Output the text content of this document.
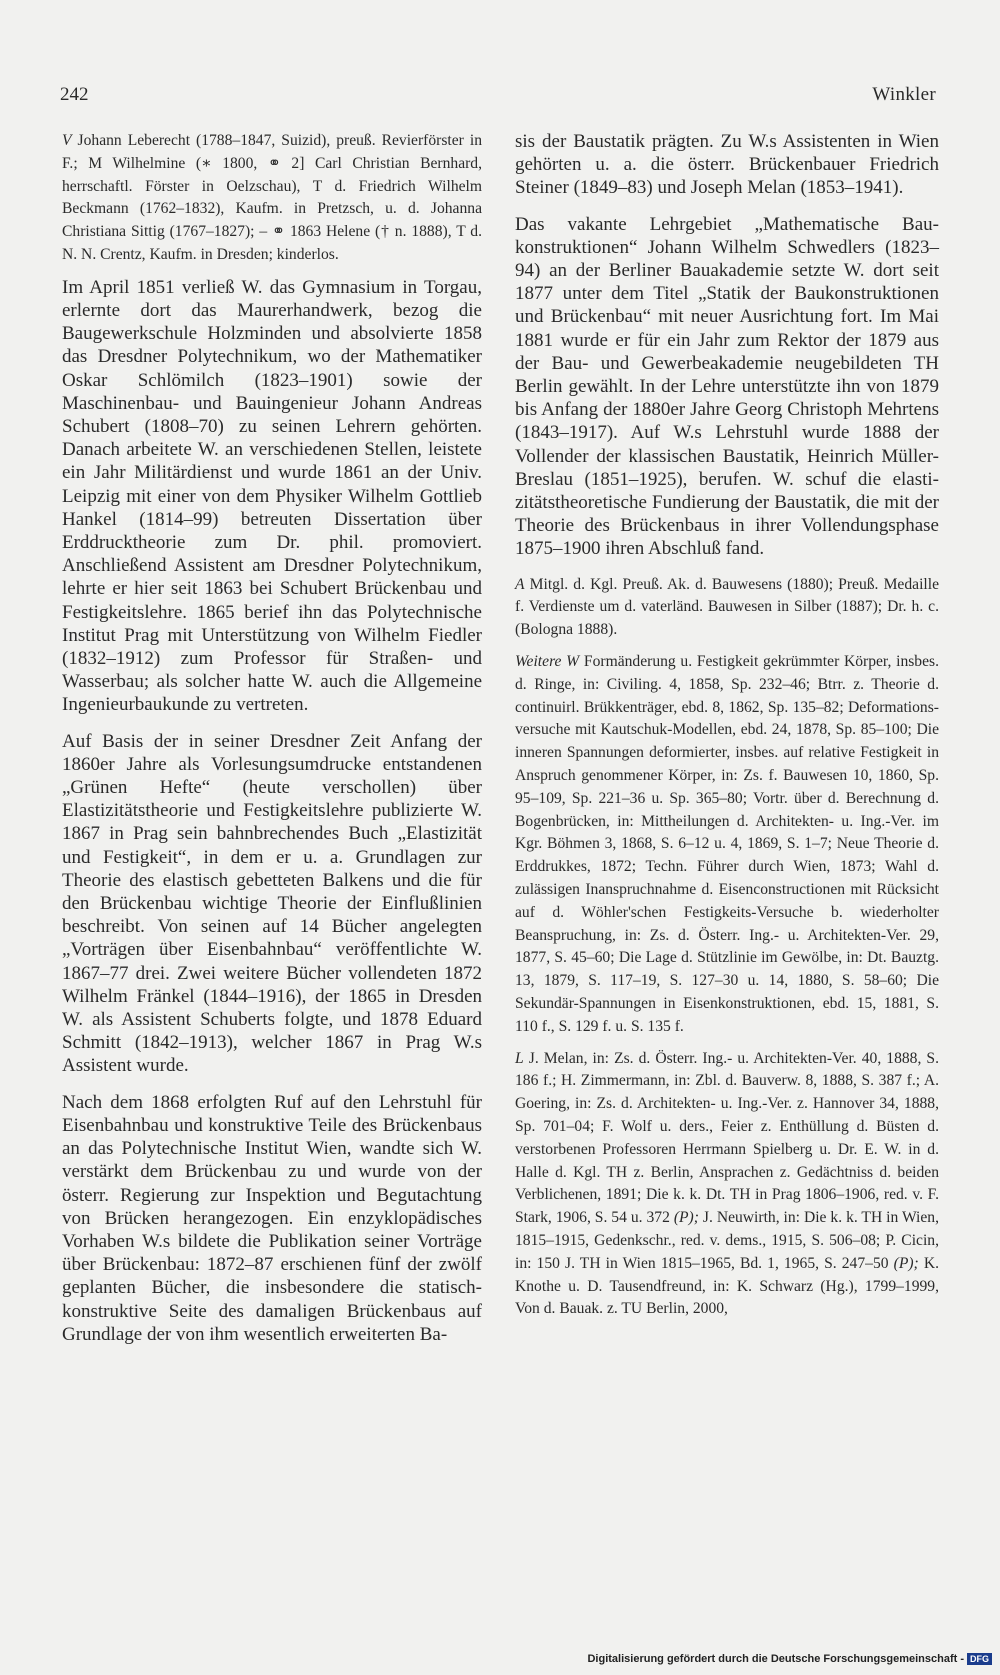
242	Winkler

V Johann Leberecht (1788–1847, Suizid), preuß. Revierförster in F.; M Wilhelmine (∗ 1800, ⚭ 2] Carl Christian Bernhard, herrschaftl. Förster in Oelzschau), T d. Friedrich Wilhelm Beckmann (1762–1832), Kaufm. in Pretzsch, u. d. Johanna Christiana Sittig (1767–1827); – ⚭ 1863 Helene († n. 1888), T d. N. N. Crentz, Kaufm. in Dresden; kinderlos.

Im April 1851 verließ W. das Gymnasium in Torgau, erlernte dort das Maurerhandwerk, bezog die Baugewerkschule Holzminden und absolvierte 1858 das Dresdner Polytechnikum, wo der Mathematiker Oskar Schlömilch (1823–1901) sowie der Maschinenbau- und Bauingenieur Johann Andreas Schubert (1808–70) zu seinen Lehrern gehörten. Danach arbeitete W. an verschiedenen Stellen, leistete ein Jahr Militärdienst und wurde 1861 an der Univ. Leipzig mit einer von dem Physiker Wilhelm Gottlieb Hankel (1814–99) betreuten Dissertation über Erddrucktheorie zum Dr. phil. promoviert. Anschließend Assistent am Dresdner Polytechnikum, lehrte er hier seit 1863 bei Schubert Brückenbau und Festigkeitslehre. 1865 berief ihn das Polytechnische Institut Prag mit Unterstützung von Wilhelm Fiedler (1832–1912) zum Professor für Straßen- und Wasserbau; als solcher hatte W. auch die Allgemeine Ingenieurbaukunde zu vertreten.

Auf Basis der in seiner Dresdner Zeit Anfang der 1860er Jahre als Vorlesungsumdrucke entstandenen „Grünen Hefte“ (heute verschollen) über Elastizitätstheorie und Festigkeitslehre publizierte W. 1867 in Prag sein bahnbrechendes Buch „Elastizität und Festigkeit“, in dem er u. a. Grundlagen zur Theorie des elastisch gebetteten Balkens und die für den Brückenbau wichtige Theorie der Einflußlinien beschreibt. Von seinen auf 14 Bücher angelegten „Vorträgen über Eisenbahnbau“ veröffentlichte W. 1867–77 drei. Zwei weitere Bücher vollendeten 1872 Wilhelm Fränkel (1844–1916), der 1865 in Dresden W. als Assistent Schuberts folgte, und 1878 Eduard Schmitt (1842–1913), welcher 1867 in Prag W.s Assistent wurde.

Nach dem 1868 erfolgten Ruf auf den Lehrstuhl für Eisenbahnbau und konstruktive Teile des Brückenbaus an das Polytechnische Institut Wien, wandte sich W. verstärkt dem Brückenbau zu und wurde von der österr. Regierung zur Inspektion und Begutachtung von Brücken herangezogen. Ein enzyklopädisches Vorhaben W.s bildete die Publikation seiner Vorträge über Brückenbau: 1872–87 erschienen fünf der zwölf geplanten Bücher, die insbesondere die statisch-konstruktive Seite des damaligen Brückenbaus auf Grundlage der von ihm wesentlich erweiterten Ba-

sis der Baustatik prägten. Zu W.s Assistenten in Wien gehörten u. a. die österr. Brückenbauer Friedrich Steiner (1849–83) und Joseph Melan (1853–1941).

Das vakante Lehrgebiet „Mathematische Baukonstruktionen“ Johann Wilhelm Schwedlers (1823–94) an der Berliner Bauakademie setzte W. dort seit 1877 unter dem Titel „Statik der Baukonstruktionen und Brückenbau“ mit neuer Ausrichtung fort. Im Mai 1881 wurde er für ein Jahr zum Rektor der 1879 aus der Bau- und Gewerbeakademie neugebildeten TH Berlin gewählt. In der Lehre unterstützte ihn von 1879 bis Anfang der 1880er Jahre Georg Christoph Mehrtens (1843–1917). Auf W.s Lehrstuhl wurde 1888 der Vollender der klassischen Baustatik, Heinrich Müller-Breslau (1851–1925), berufen. W. schuf die elastizitätstheoretische Fundierung der Baustatik, die mit der Theorie des Brückenbaus in ihrer Vollendungsphase 1875–1900 ihren Abschluß fand.

A Mitgl. d. Kgl. Preuß. Ak. d. Bauwesens (1880); Preuß. Medaille f. Verdienste um d. vaterländ. Bauwesen in Silber (1887); Dr. h. c. (Bologna 1888).

Weitere W Formänderung u. Festigkeit gekrümmter Körper, insbes. d. Ringe, in: Civiling. 4, 1858, Sp. 232–46; Btrr. z. Theorie d. continuirl. Brükkenträger, ebd. 8, 1862, Sp. 135–82; Deformationsversuche mit Kautschuk-Modellen, ebd. 24, 1878, Sp. 85–100; Die inneren Spannungen deformierter, insbes. auf relative Festigkeit in Anspruch genommener Körper, in: Zs. f. Bauwesen 10, 1860, Sp. 95–109, Sp. 221–36 u. Sp. 365–80; Vortr. über d. Berechnung d. Bogenbrücken, in: Mittheilungen d. Architekten- u. Ing.-Ver. im Kgr. Böhmen 3, 1868, S. 6–12 u. 4, 1869, S. 1–7; Neue Theorie d. Erddrukkes, 1872; Techn. Führer durch Wien, 1873; Wahl d. zulässigen Inanspruchnahme d. Eisenconstructionen mit Rücksicht auf d. Wöhler'schen Festigkeits-Versuche b. wiederholter Beanspruchung, in: Zs. d. Österr. Ing.- u. Architekten-Ver. 29, 1877, S. 45–60; Die Lage d. Stützlinie im Gewölbe, in: Dt. Bauztg. 13, 1879, S. 117–19, S. 127–30 u. 14, 1880, S. 58–60; Die Sekundär-Spannungen in Eisenkonstruktionen, ebd. 15, 1881, S. 110 f., S. 129 f. u. S. 135 f.

L J. Melan, in: Zs. d. Österr. Ing.- u. Architekten-Ver. 40, 1888, S. 186 f.; H. Zimmermann, in: Zbl. d. Bauverw. 8, 1888, S. 387 f.; A. Goering, in: Zs. d. Architekten- u. Ing.-Ver. z. Hannover 34, 1888, Sp. 701–04; F. Wolf u. ders., Feier z. Enthüllung d. Büsten d. verstorbenen Professoren Herrmann Spielberg u. Dr. E. W. in d. Halle d. Kgl. TH z. Berlin, Ansprachen z. Gedächtniss d. beiden Verblichenen, 1891; Die k. k. Dt. TH in Prag 1806–1906, red. v. F. Stark, 1906, S. 54 u. 372 (P); J. Neuwirth, in: Die k. k. TH in Wien, 1815–1915, Gedenkschr., red. v. dems., 1915, S. 506–08; P. Cicin, in: 150 J. TH in Wien 1815–1965, Bd. 1, 1965, S. 247–50 (P); K. Knothe u. D. Tausendfreund, in: K. Schwarz (Hg.), 1799–1999, Von d. Bauak. z. TU Berlin, 2000,

Digitalisierung gefördert durch die Deutsche Forschungsgemeinschaft - DFG
